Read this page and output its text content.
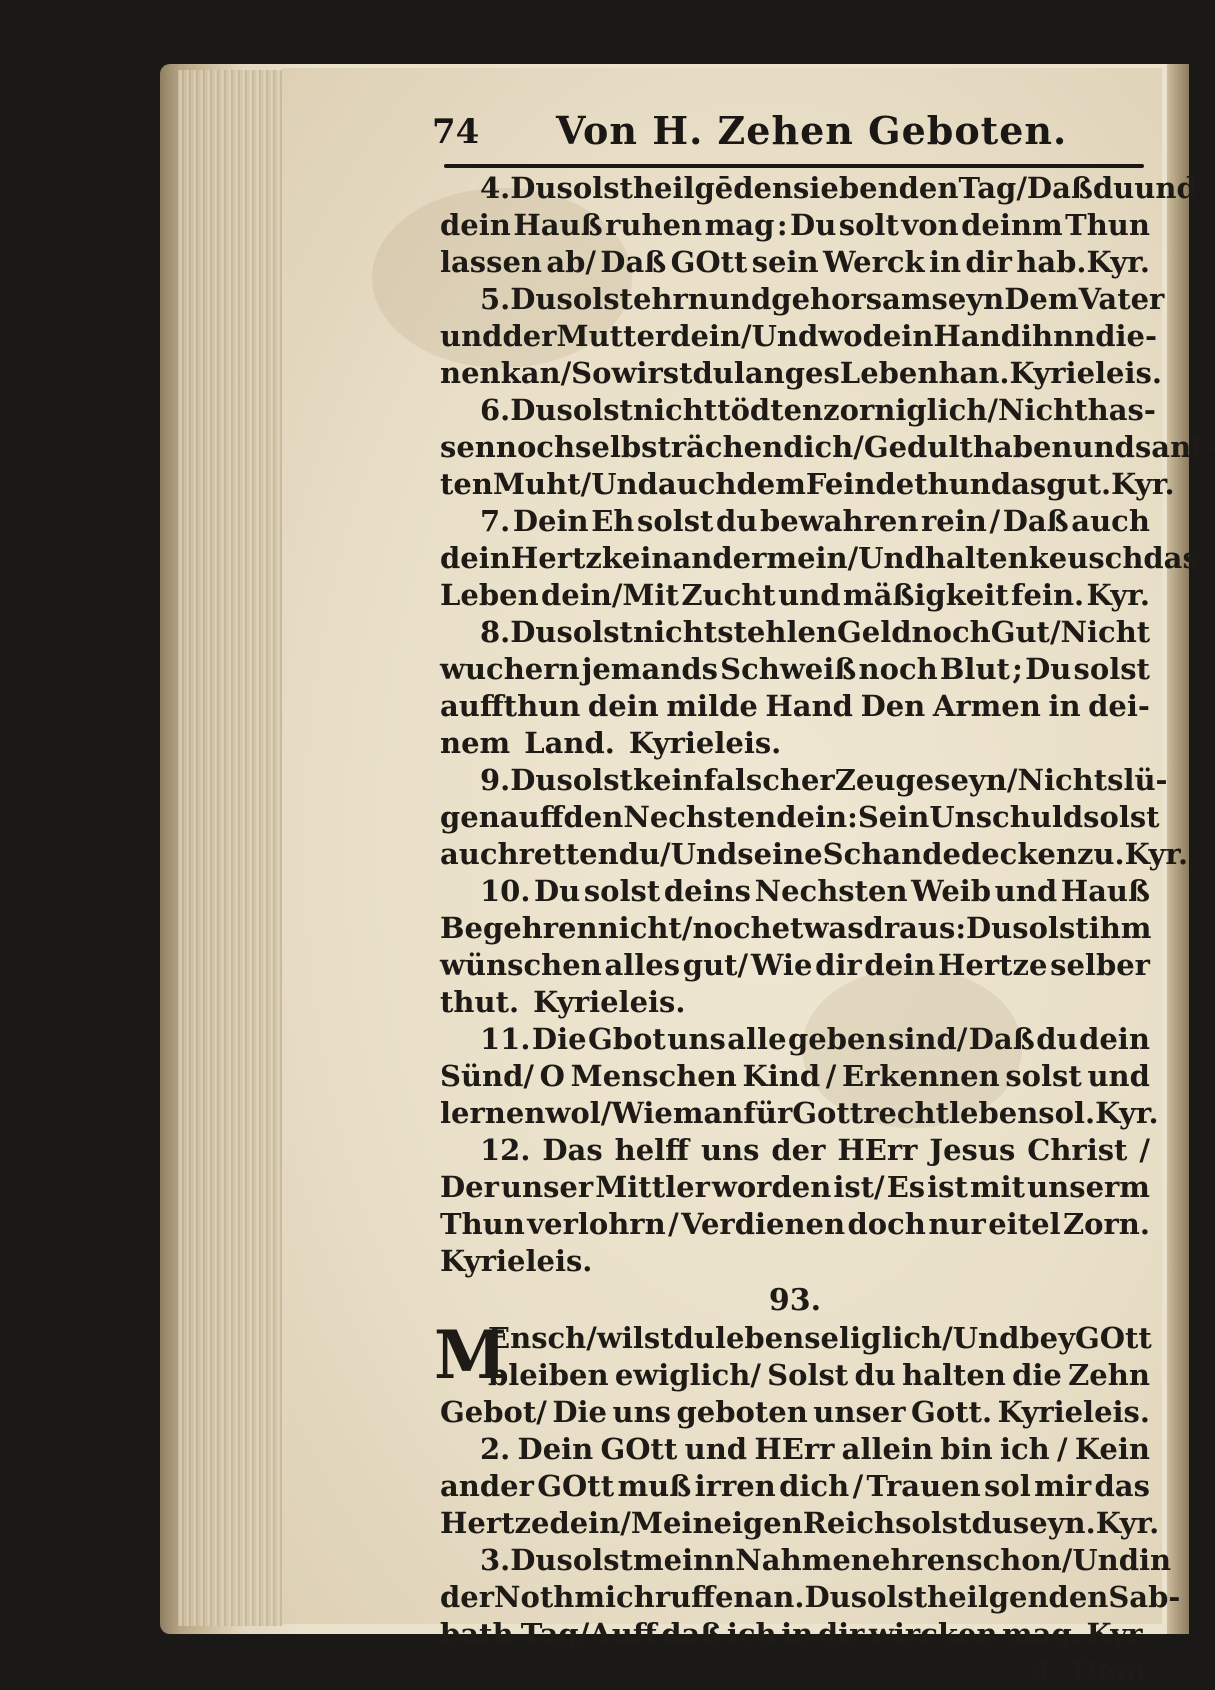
74 Von H. Zehen Geboten.
4.Du solst heilgē den siebendenTag/Daß du und
dein Hauß ruhen mag : Du solt von deinm Thun
lassen ab/ Daß GOtt sein Werck in dir hab.Kyr.
5. Du solst ehrn und gehorsam seyn Dem Vater
und der Mutter dein/Und wo dein Hand ihnn die-
nen kan/So wirst du langes Leben han. Kyrieleis.
6. Du solst nicht tödten zorniglich/ Nicht has-
sen noch selbst rächen dich/Gedult haben und sanf-
tenMuht/Und auch dem Feinde thun das gut.Kyr.
7. Dein Eh solst du bewahren rein / Daß auch
dein Hertz kein ander mein/Und halten keusch das
Leben dein/Mit Zucht und mäßigkeit fein. Kyr.
8. Du solst nicht stehlen Geld noch Gut / Nicht
wuchern jemands Schweiß noch Blut ; Du solst
auffthun dein milde Hand Den Armen in dei-
nem Land. Kyrieleis.
9. Du solst kein falscher Zeuge seyn/ Nichts lü-
gen auff den Nechsten dein : Sein Unschuld solst
auch retten du/Und seine Schande decken zu. Kyr.
10. Du solst deins Nechsten Weib und Hauß
Begehren nicht/ noch etwas draus : Du solst ihm
wünschen alles gut/ Wie dir dein Hertze selber
thut. Kyrieleis.
11. Die Gbot uns alle geben sind/ Daß du dein
Sünd/ O Menschen Kind / Erkennen solst und
lernen wol/Wie man für Gott recht leben sol.Kyr.
12. Das helff uns der HErr Jesus Christ /
Der unser Mittler worden ist/ Es ist mit unserm
Thun verlohrn / Verdienen doch nur eitel Zorn.
Kyrieleis.
93.
M
Ensch/wilst du leben seliglich / Und bey GOtt
bleiben ewiglich/ Solst du halten die Zehn
Gebot/ Die uns geboten unser Gott. Kyrieleis.
2. Dein GOtt und HErr allein bin ich / Kein
ander GOtt muß irren dich / Trauen sol mir das
Hertze dein/ Mein eigen Reich solst du seyn. Kyr.
3. Du solst meinn Nahmen ehren schon/ Und in
der Noth mich ruffen an.Du solst heilgen den Sab-
bath-Tag/Auff daß ich in dir wircken mag. Kyr.
4. Dem
